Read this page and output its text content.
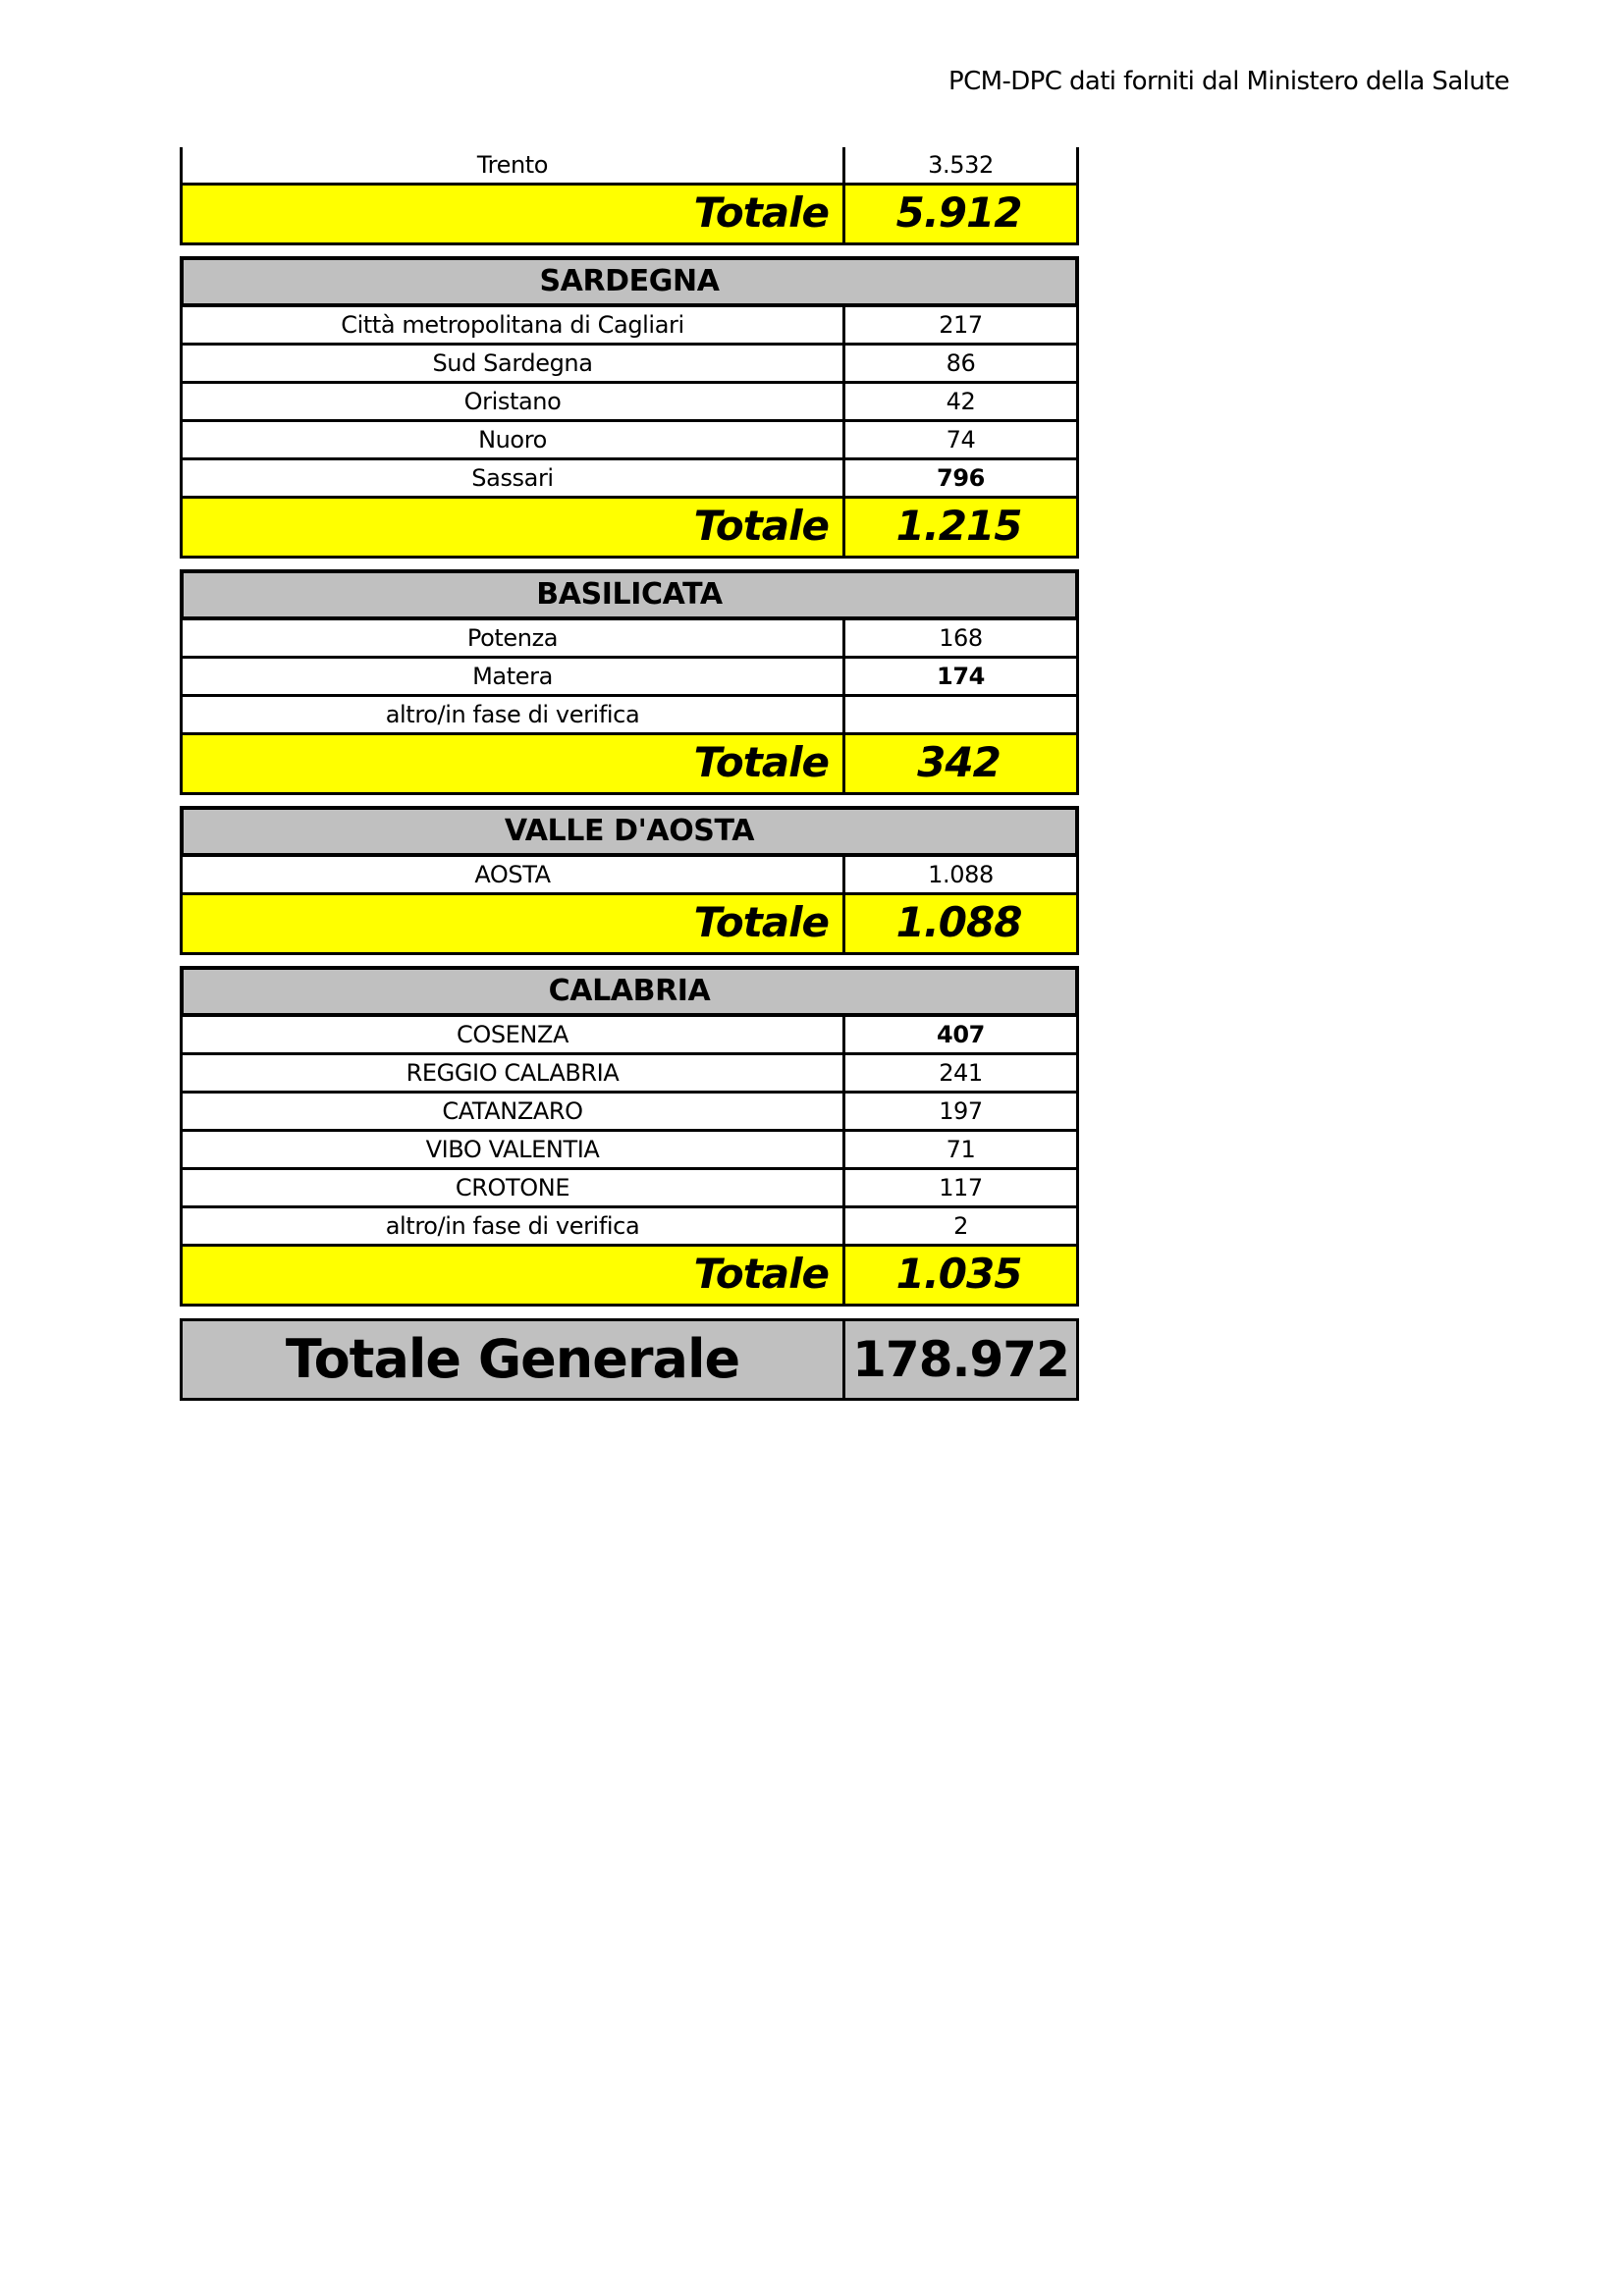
PCM-DPC dati forniti dal Ministero della Salute
Trento	3.532
Totale	5.912
SARDEGNA
Città metropolitana di Cagliari	217
Sud Sardegna	86
Oristano	42
Nuoro	74
Sassari	796
Totale	1.215
BASILICATA
Potenza	168
Matera	174
altro/in fase di verifica
Totale	342
VALLE D'AOSTA
AOSTA	1.088
Totale	1.088
CALABRIA
COSENZA	407
REGGIO CALABRIA	241
CATANZARO	197
VIBO VALENTIA	71
CROTONE	117
altro/in fase di verifica	2
Totale	1.035
Totale Generale	178.972
